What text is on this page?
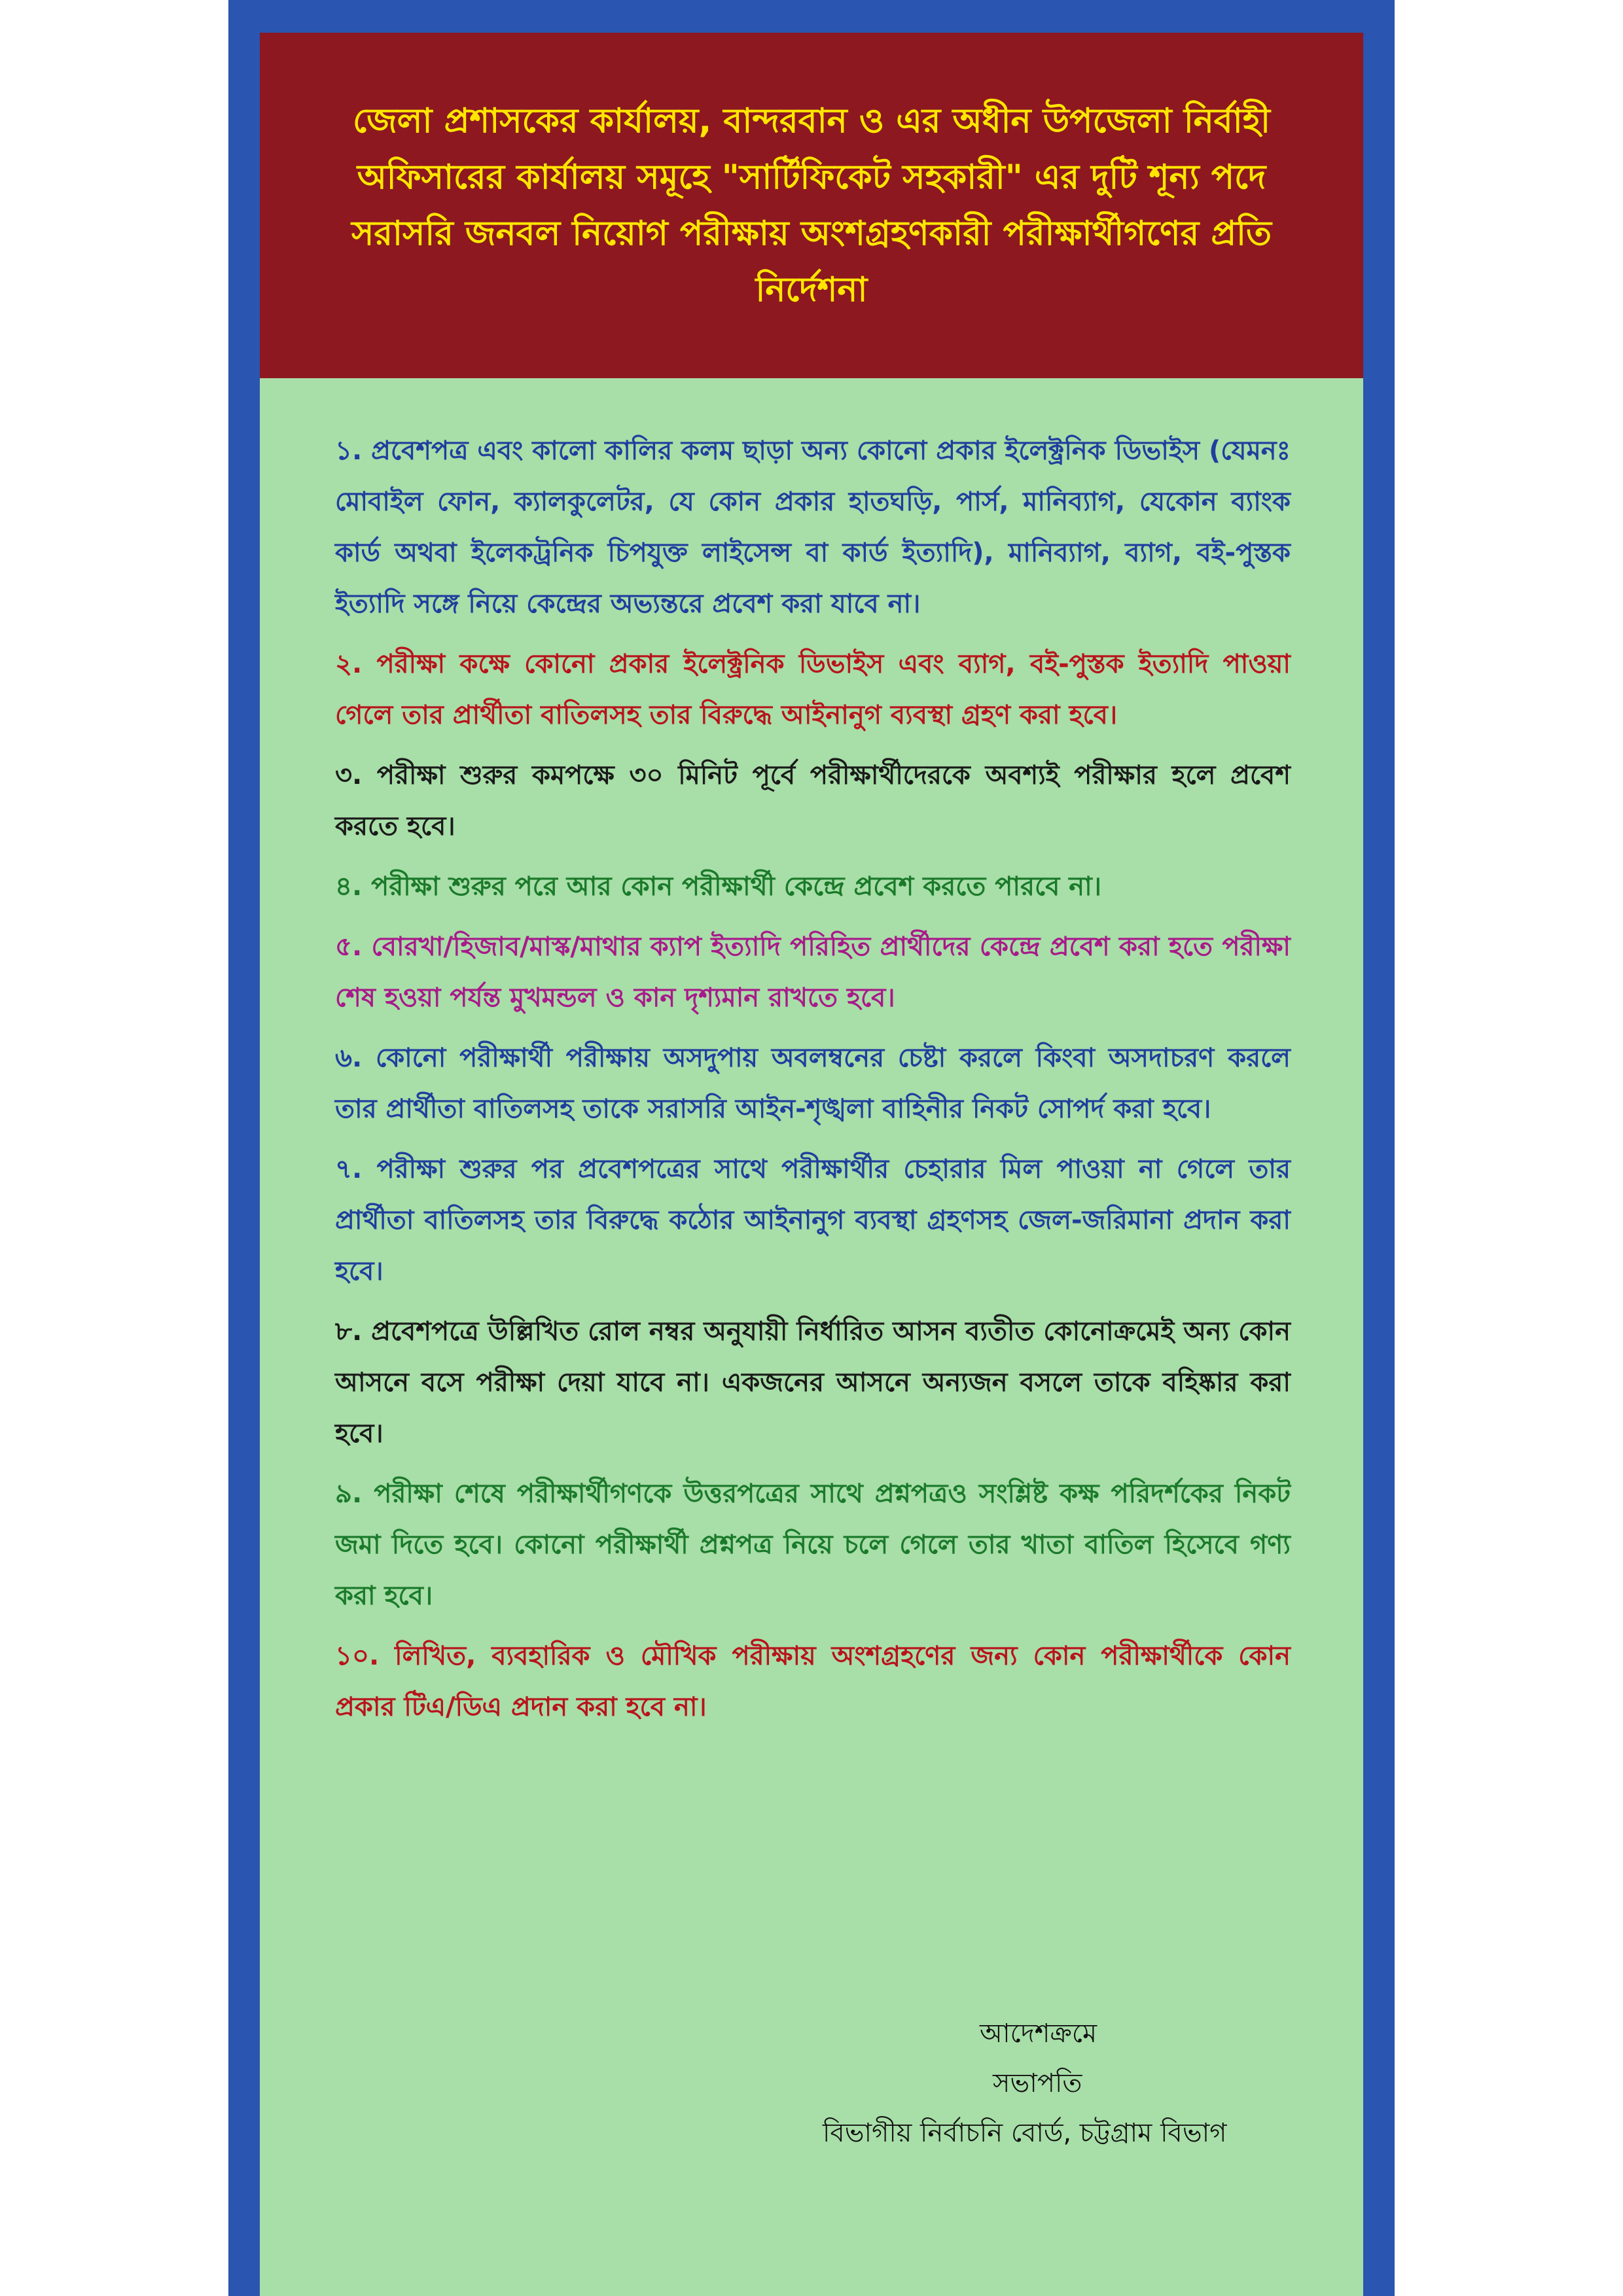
জেলা প্রশাসকের কার্যালয়, বান্দরবান ও এর অধীন উপজেলা নির্বাহী অফিসারের কার্যালয় সমূহে "সার্টিফিকেট সহকারী" এর দুটি শূন্য পদে সরাসরি জনবল নিয়োগ পরীক্ষায় অংশগ্রহণকারী পরীক্ষার্থীগণের প্রতি নির্দেশনা
১. প্রবেশপত্র এবং কালো কালির কলম ছাড়া অন্য কোনো প্রকার ইলেক্ট্রনিক ডিভাইস (যেমনঃ মোবাইল ফোন, ক্যালকুলেটর, যে কোন প্রকার হাতঘড়ি, পার্স, মানিব্যাগ, যেকোন ব্যাংক কার্ড অথবা ইলেকট্রনিক চিপযুক্ত লাইসেন্স বা কার্ড ইত্যাদি), মানিব্যাগ, ব্যাগ, বই-পুস্তক ইত্যাদি সঙ্গে নিয়ে কেন্দ্রের অভ্যন্তরে প্রবেশ করা যাবে না।
২. পরীক্ষা কক্ষে কোনো প্রকার ইলেক্ট্রনিক ডিভাইস এবং ব্যাগ, বই-পুস্তক ইত্যাদি পাওয়া গেলে তার প্রার্থীতা বাতিলসহ তার বিরুদ্ধে আইনানুগ ব্যবস্থা গ্রহণ করা হবে।
৩. পরীক্ষা শুরুর কমপক্ষে ৩০ মিনিট পূর্বে পরীক্ষার্থীদেরকে অবশ্যই পরীক্ষার হলে প্রবেশ করতে হবে।
৪. পরীক্ষা শুরুর পরে আর কোন পরীক্ষার্থী কেন্দ্রে প্রবেশ করতে পারবে না।
৫. বোরখা/হিজাব/মাস্ক/মাথার ক্যাপ ইত্যাদি পরিহিত প্রার্থীদের কেন্দ্রে প্রবেশ করা হতে পরীক্ষা শেষ হওয়া পর্যন্ত মুখমন্ডল ও কান দৃশ্যমান রাখতে হবে।
৬. কোনো পরীক্ষার্থী পরীক্ষায় অসদুপায় অবলম্বনের চেষ্টা করলে কিংবা অসদাচরণ করলে তার প্রার্থীতা বাতিলসহ তাকে সরাসরি আইন-শৃঙ্খলা বাহিনীর নিকট সোপর্দ করা হবে।
৭. পরীক্ষা শুরুর পর প্রবেশপত্রের সাথে পরীক্ষার্থীর চেহারার মিল পাওয়া না গেলে তার প্রার্থীতা বাতিলসহ তার বিরুদ্ধে কঠোর আইনানুগ ব্যবস্থা গ্রহণসহ জেল-জরিমানা প্রদান করা হবে।
৮. প্রবেশপত্রে উল্লিখিত রোল নম্বর অনুযায়ী নির্ধারিত আসন ব্যতীত কোনোক্রমেই অন্য কোন আসনে বসে পরীক্ষা দেয়া যাবে না। একজনের আসনে অন্যজন বসলে তাকে বহিষ্কার করা হবে।
৯. পরীক্ষা শেষে পরীক্ষার্থীগণকে উত্তরপত্রের সাথে প্রশ্নপত্রও সংশ্লিষ্ট কক্ষ পরিদর্শকের নিকট জমা দিতে হবে। কোনো পরীক্ষার্থী প্রশ্নপত্র নিয়ে চলে গেলে তার খাতা বাতিল হিসেবে গণ্য করা হবে।
১০. লিখিত, ব্যবহারিক ও মৌখিক পরীক্ষায় অংশগ্রহণের জন্য কোন পরীক্ষার্থীকে কোন প্রকার টিএ/ডিএ প্রদান করা হবে না।
আদেশক্রমে
সভাপতি
বিভাগীয় নির্বাচনি বোর্ড, চট্টগ্রাম বিভাগ
